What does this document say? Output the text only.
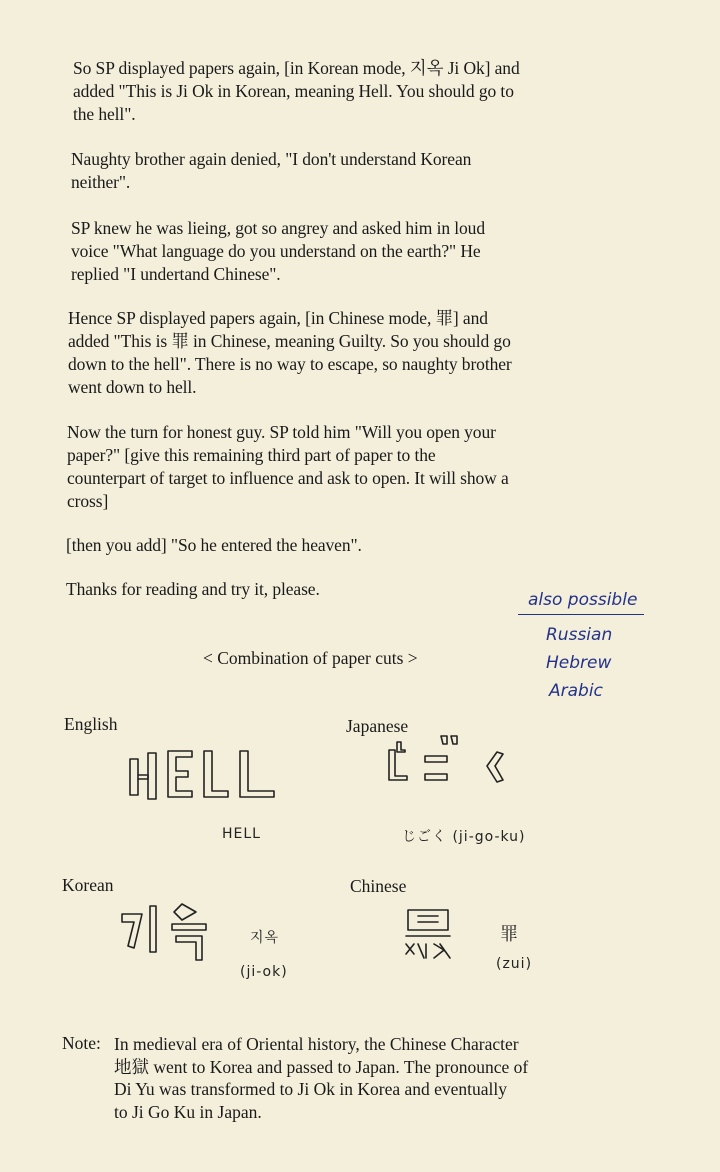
So SP displayed papers again, [in Korean mode, 지옥 Ji Ok] and
added "This is Ji Ok in Korean, meaning Hell. You should go to
the hell".
Naughty brother again denied, "I don't understand Korean
neither".
SP knew he was lieing, got so angrey and asked him in loud
voice "What language do you understand on the earth?" He
replied "I undertand Chinese".
Hence SP displayed papers again, [in Chinese mode, 罪] and
added "This is 罪 in Chinese, meaning Guilty. So you should go
down to the hell". There is no way to escape, so naughty brother
went down to hell.
Now the turn for honest guy. SP told him "Will you open your
paper?" [give this remaining third part of paper to the
counterpart of target to influence and ask to open. It will show a
cross]
[then you add] "So he entered the heaven".
Thanks for reading and try it, please.
also possible
Russian
Hebrew
Arabic
< Combination of paper cuts >
English
HELL
Japanese
じごく (ji-go-ku)
Korean
지옥
(ji-ok)
Chinese
罪
(zui)
Note: In medieval era of Oriental history, the Chinese Character
地獄 went to Korea and passed to Japan. The pronounce of
Di Yu was transformed to Ji Ok in Korea and eventually
to Ji Go Ku in Japan.
